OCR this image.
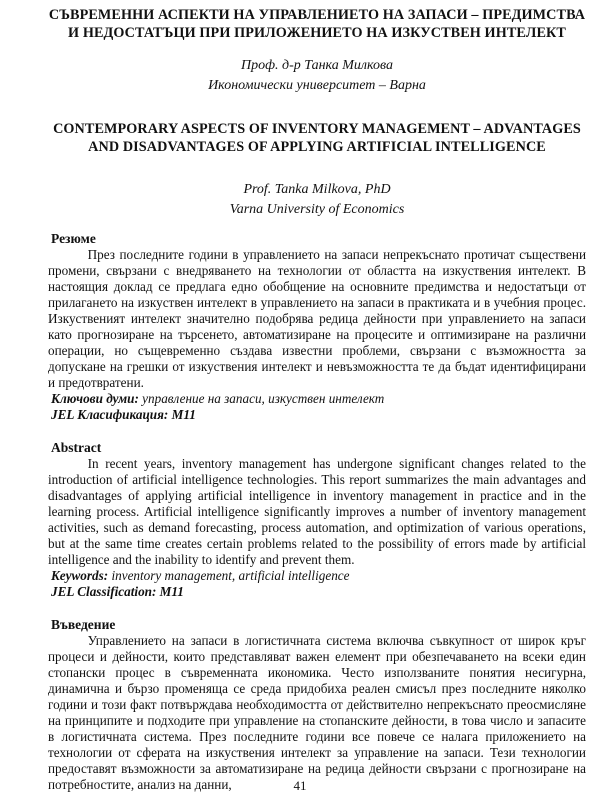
СЪВРЕМЕННИ АСПЕКТИ НА УПРАВЛЕНИЕТО НА ЗАПАСИ – ПРЕДИМСТВА И НЕДОСТАТЪЦИ ПРИ ПРИЛОЖЕНИЕТО НА ИЗКУСТВЕН ИНТЕЛЕКТ
Проф. д-р Танка Милкова
Икономически университет – Варна
CONTEMPORARY ASPECTS OF INVENTORY MANAGEMENT – ADVANTAGES AND DISADVANTAGES OF APPLYING ARTIFICIAL INTELLIGENCE
Prof. Tanka Milkova, PhD
Varna University of Economics
Резюме

През последните години в управлението на запаси непрекъснато протичат съществени промени, свързани с внедряването на технологии от областта на изкуствения интелект. В настоящия доклад се предлага едно обобщение на основните предимства и недостатъци от прилагането на изкуствен интелект в управлението на запаси в практиката и в учебния процес. Изкуственият интелект значително подобрява редица дейности при управлението на запаси като прогнозиране на търсенето, автоматизиране на процесите и оптимизиране на различни операции, но същевременно създава известни проблеми, свързани с възможността за допускане на грешки от изкуствения интелект и невъзможността те да бъдат идентифицирани и предотвратени.

Ключови думи: управление на запаси, изкуствен интелект

JEL Класификация: М11

Abstract

In recent years, inventory management has undergone significant changes related to the introduction of artificial intelligence technologies. This report summarizes the main advantages and disadvantages of applying artificial intelligence in inventory management in practice and in the learning process. Artificial intelligence significantly improves a number of inventory management activities, such as demand forecasting, process automation, and optimization of various operations, but at the same time creates certain problems related to the possibility of errors made by artificial intelligence and the inability to identify and prevent them.

Keywords: inventory management, artificial intelligence

JEL Classification: M11

Въведение

Управлението на запаси в логистичната система включва съвкупност от широк кръг процеси и дейности, които представляват важен елемент при обезпечаването на всеки един стопански процес в съвременната икономика. Често използваните понятия несигурна, динамична и бързо променяща се среда придобиха реален смисъл през последните няколко години и този факт потвърждава необходимостта от действително непрекъснато преосмисляне на принципите и подходите при управление на стопанските дейности, в това число и запасите в логистичната система. През последните години все повече се налага приложението на технологии от сферата на изкуствения интелект за управление на запаси. Тези технологии предоставят възможности за автоматизиране на редица дейности свързани с прогнозиране на потребностите, анализ на данни,	41
